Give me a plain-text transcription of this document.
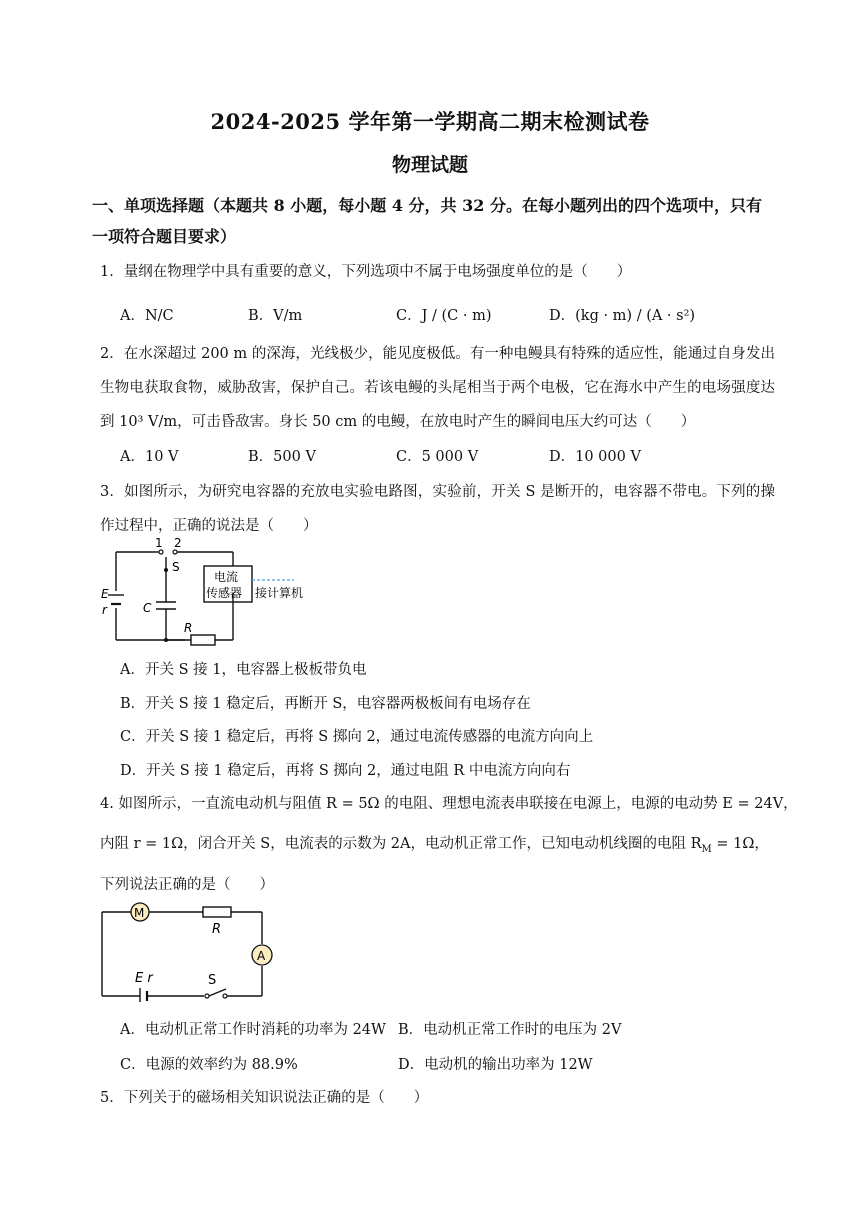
2024-2025 学年第一学期高二期末检测试卷
物理试题
一、单项选择题（本题共 8 小题，每小题 4 分，共 32 分。在每小题列出的四个选项中，只有一项符合题目要求）
1．量纲在物理学中具有重要的意义，下列选项中不属于电场强度单位的是（　　）
A．N/C	B．V/m	C．J / (C · m)	D．(kg · m) / (A · s²)
2．在水深超过 200 m 的深海，光线极少，能见度极低。有一种电鳗具有特殊的适应性，能通过自身发出生物电获取食物，威胁敌害，保护自己。若该电鳗的头尾相当于两个电极，它在海水中产生的电场强度达到 10³ V/m，可击昏敌害。身长 50 cm 的电鳗，在放电时产生的瞬间电压大约可达（　　）
A．10 V	B．500 V	C．5 000 V	D．10 000 V
3．如图所示，为研究电容器的充放电实验电路图，实验前，开关 S 是断开的，电容器不带电。下列的操作过程中，正确的说法是（　　）
1 2
S
E
r	C
R
电流
传感器 接计算机
A．开关 S 接 1，电容器上极板带负电
B．开关 S 接 1 稳定后，再断开 S，电容器两极板间有电场存在
C．开关 S 接 1 稳定后，再将 S 掷向 2，通过电流传感器的电流方向向上
D．开关 S 接 1 稳定后，再将 S 掷向 2，通过电阻 R 中电流方向向右
4. 如图所示，一直流电动机与阻值 R = 5Ω 的电阻、理想电流表串联接在电源上，电源的电动势 E = 24V，
内阻 r = 1Ω，闭合开关 S，电流表的示数为 2A，电动机正常工作，已知电动机线圈的电阻 $R_M = 1\Omega$，
下列说法正确的是（　　）
M
R
A
E r	S
A．电动机正常工作时消耗的功率为 24W B．电动机正常工作时的电压为 2V
C．电源的效率约为 88.9%	D．电动机的输出功率为 12W
5．下列关于的磁场相关知识说法正确的是（　　）
